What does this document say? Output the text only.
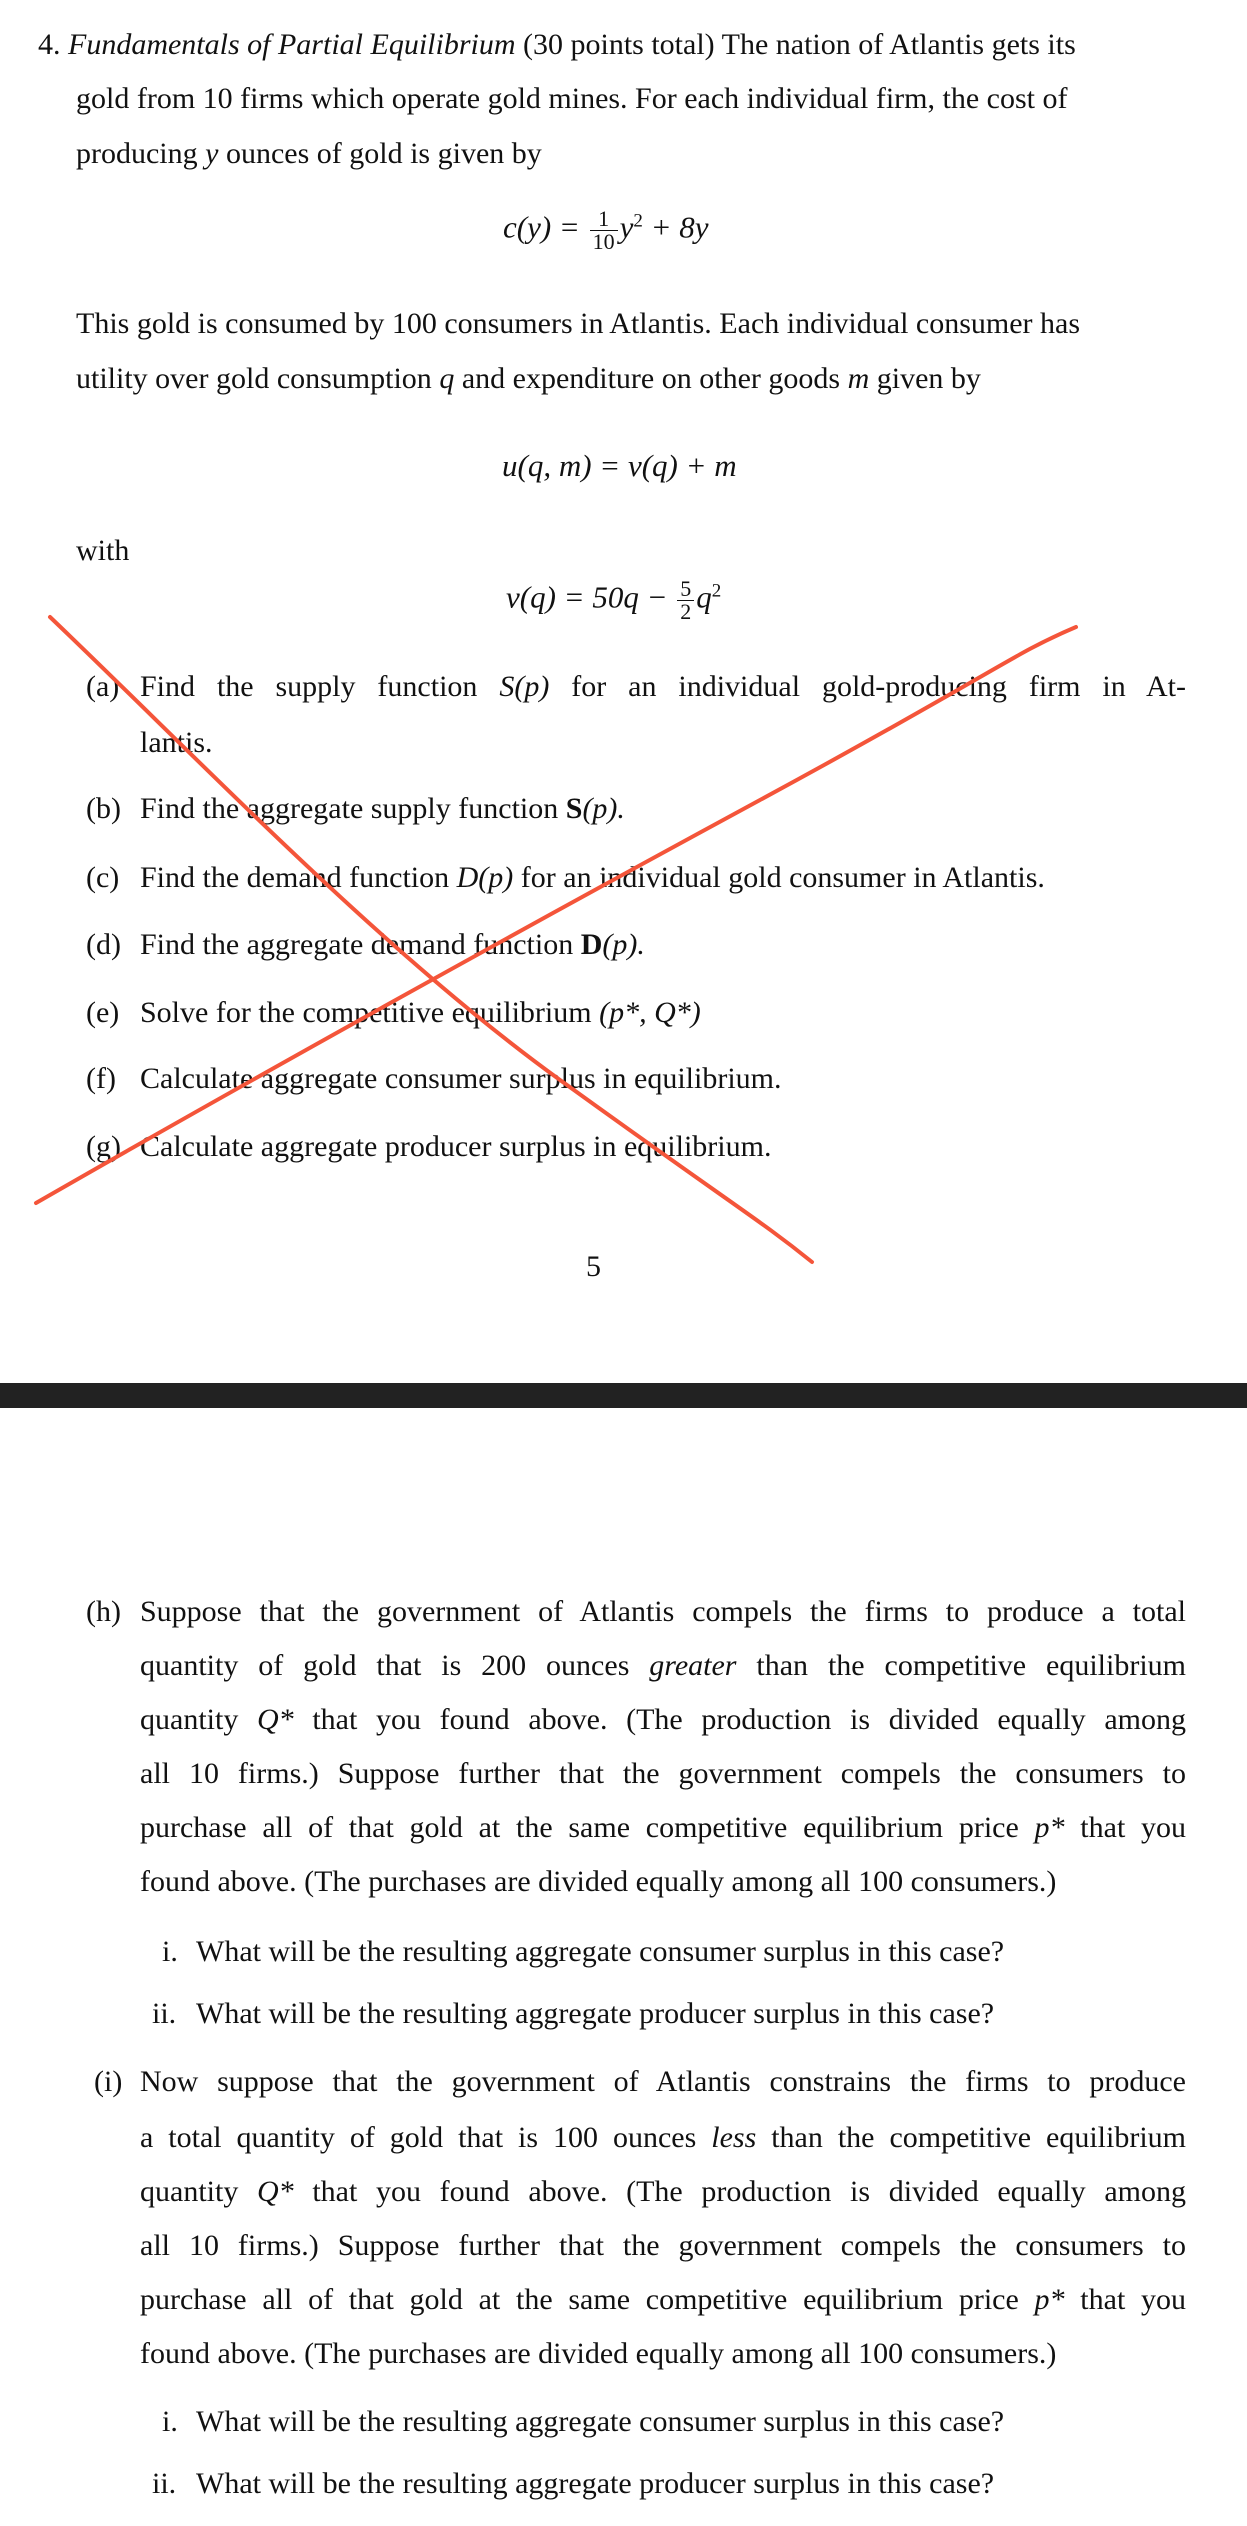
4. Fundamentals of Partial Equilibrium (30 points total) The nation of Atlantis gets its
gold from 10 firms which operate gold mines. For each individual firm, the cost of
producing y ounces of gold is given by
$c(y) = \frac{1}{10} y^2 + 8y$
This gold is consumed by 100 consumers in Atlantis. Each individual consumer has
utility over gold consumption q and expenditure on other goods m given by
u(q, m) = v(q) + m
with
$v(q) = 50q - \frac{5}{2} q^2$
(a) Find the supply function S(p) for an individual gold-producing firm in At-
lantis.
(b) Find the aggregate supply function S(p).
(c) Find the demand function D(p) for an individual gold consumer in Atlantis.
(d) Find the aggregate demand function D(p).
(e) Solve for the competitive equilibrium (p*, Q*)
(f) Calculate aggregate consumer surplus in equilibrium.
(g) Calculate aggregate producer surplus in equilibrium.
5
(h) Suppose that the government of Atlantis compels the firms to produce a total
quantity of gold that is 200 ounces greater than the competitive equilibrium
quantity Q* that you found above. (The production is divided equally among
all 10 firms.) Suppose further that the government compels the consumers to
purchase all of that gold at the same competitive equilibrium price p* that you
found above. (The purchases are divided equally among all 100 consumers.)
i. What will be the resulting aggregate consumer surplus in this case?
ii. What will be the resulting aggregate producer surplus in this case?
(i) Now suppose that the government of Atlantis constrains the firms to produce
a total quantity of gold that is 100 ounces less than the competitive equilibrium
quantity Q* that you found above. (The production is divided equally among
all 10 firms.) Suppose further that the government compels the consumers to
purchase all of that gold at the same competitive equilibrium price p* that you
found above. (The purchases are divided equally among all 100 consumers.)
i. What will be the resulting aggregate consumer surplus in this case?
ii. What will be the resulting aggregate producer surplus in this case?
